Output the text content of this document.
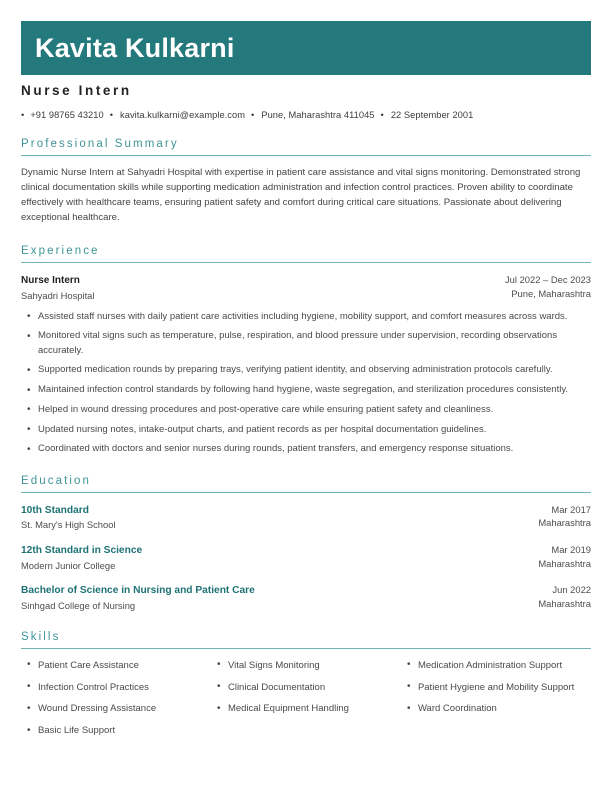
Kavita Kulkarni
Nurse Intern
• +91 98765 43210 • kavita.kulkarni@example.com • Pune, Maharashtra 411045 • 22 September 2001
Professional Summary

Dynamic Nurse Intern at Sahyadri Hospital with expertise in patient care assistance and vital signs monitoring. Demonstrated strong clinical documentation skills while supporting medication administration and infection control practices. Proven ability to coordinate effectively with healthcare teams, ensuring patient safety and comfort during critical care situations. Passionate about delivering exceptional healthcare.

Experience
Nurse Intern
Sahyadri Hospital
Jul 2022 – Dec 2023
Pune, Maharashtra
• Assisted staff nurses with daily patient care activities including hygiene, mobility support, and comfort measures across wards.
• Monitored vital signs such as temperature, pulse, respiration, and blood pressure under supervision, recording observations accurately.
• Supported medication rounds by preparing trays, verifying patient identity, and observing administration protocols carefully.
• Maintained infection control standards by following hand hygiene, waste segregation, and sterilization procedures consistently.
• Helped in wound dressing procedures and post-operative care while ensuring patient safety and cleanliness.
• Updated nursing notes, intake-output charts, and patient records as per hospital documentation guidelines.
• Coordinated with doctors and senior nurses during rounds, patient transfers, and emergency response situations.
Education
10th Standard
St. Mary's High School
Mar 2017
Maharashtra
12th Standard in Science
Modern Junior College
Mar 2019
Maharashtra
Bachelor of Science in Nursing and Patient Care
Sinhgad College of Nursing
Jun 2022
Maharashtra
Skills
• Patient Care Assistance
• Infection Control Practices
• Wound Dressing Assistance
• Basic Life Support
• Vital Signs Monitoring
• Clinical Documentation
• Medical Equipment Handling
• Medication Administration Support
• Patient Hygiene and Mobility Support
• Ward Coordination
